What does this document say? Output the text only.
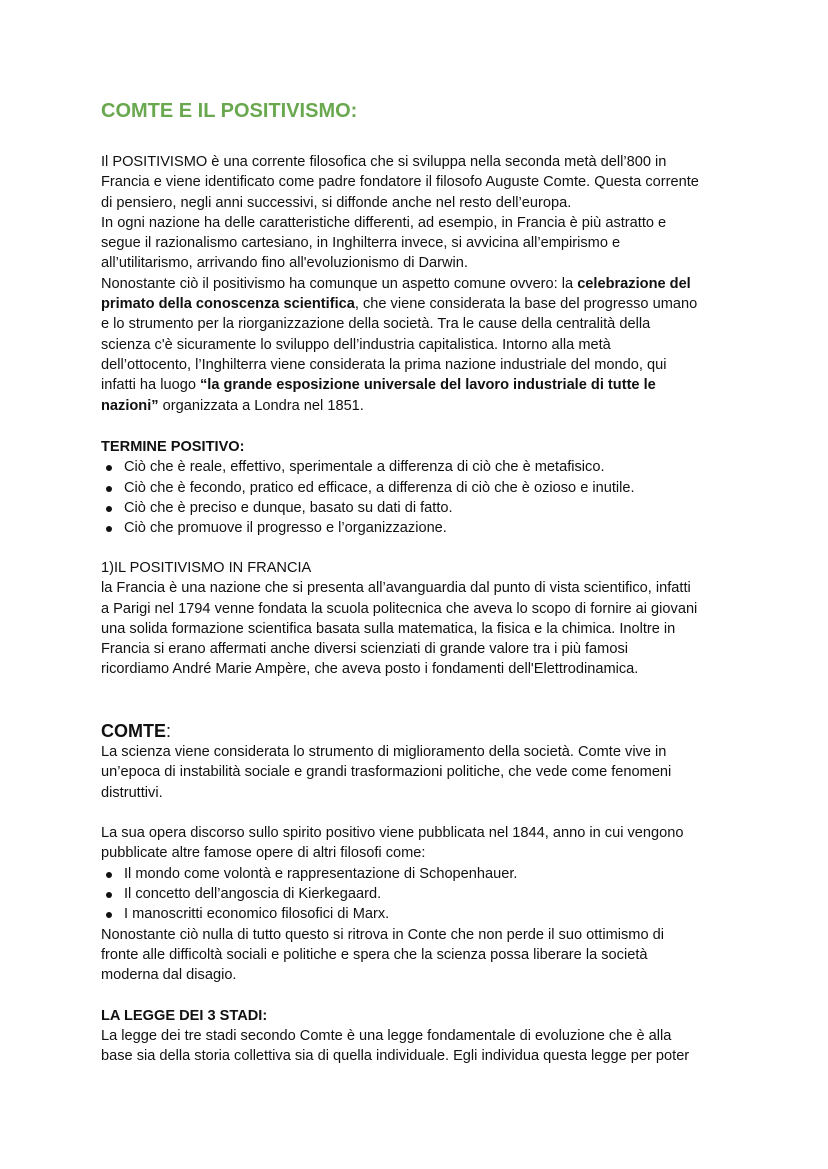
COMTE E IL POSITIVISMO:
Il POSITIVISMO è una corrente filosofica che si sviluppa nella seconda metà dell’800 in
Francia e viene identificato come padre fondatore il filosofo Auguste Comte. Questa corrente
di pensiero, negli anni successivi, si diffonde anche nel resto dell’europa.
In ogni nazione ha delle caratteristiche differenti, ad esempio, in Francia è più astratto e
segue il razionalismo cartesiano, in Inghilterra invece, si avvicina all’empirismo e
all’utilitarismo, arrivando fino all'evoluzionismo di Darwin.
Nonostante ciò il positivismo ha comunque un aspetto comune ovvero: la celebrazione del
primato della conoscenza scientifica, che viene considerata la base del progresso umano
e lo strumento per la riorganizzazione della società. Tra le cause della centralità della
scienza c'è sicuramente lo sviluppo dell’industria capitalistica. Intorno alla metà
dell’ottocento, l’Inghilterra viene considerata la prima nazione industriale del mondo, qui
infatti ha luogo “la grande esposizione universale del lavoro industriale di tutte le
nazioni” organizzata a Londra nel 1851.
TERMINE POSITIVO:
Ciò che è reale, effettivo, sperimentale a differenza di ciò che è metafisico.
Ciò che è fecondo, pratico ed efficace, a differenza di ciò che è ozioso e inutile.
Ciò che è preciso e dunque, basato su dati di fatto.
Ciò che promuove il progresso e l’organizzazione.
1)IL POSITIVISMO IN FRANCIA
la Francia è una nazione che si presenta all’avanguardia dal punto di vista scientifico, infatti
a Parigi nel 1794 venne fondata la scuola politecnica che aveva lo scopo di fornire ai giovani
una solida formazione scientifica basata sulla matematica, la fisica e la chimica. Inoltre in
Francia si erano affermati anche diversi scienziati di grande valore tra i più famosi
ricordiamo André Marie Ampère, che aveva posto i fondamenti dell'Elettrodinamica.
COMTE:
La scienza viene considerata lo strumento di miglioramento della società. Comte vive in
un’epoca di instabilità sociale e grandi trasformazioni politiche, che vede come fenomeni
distruttivi.
La sua opera discorso sullo spirito positivo viene pubblicata nel 1844, anno in cui vengono
pubblicate altre famose opere di altri filosofi come:
Il mondo come volontà e rappresentazione di Schopenhauer.
Il concetto dell’angoscia di Kierkegaard.
I manoscritti economico filosofici di Marx.
Nonostante ciò nulla di tutto questo si ritrova in Conte che non perde il suo ottimismo di
fronte alle difficoltà sociali e politiche e spera che la scienza possa liberare la società
moderna dal disagio.
LA LEGGE DEI 3 STADI:
La legge dei tre stadi secondo Comte è una legge fondamentale di evoluzione che è alla
base sia della storia collettiva sia di quella individuale. Egli individua questa legge per poter
